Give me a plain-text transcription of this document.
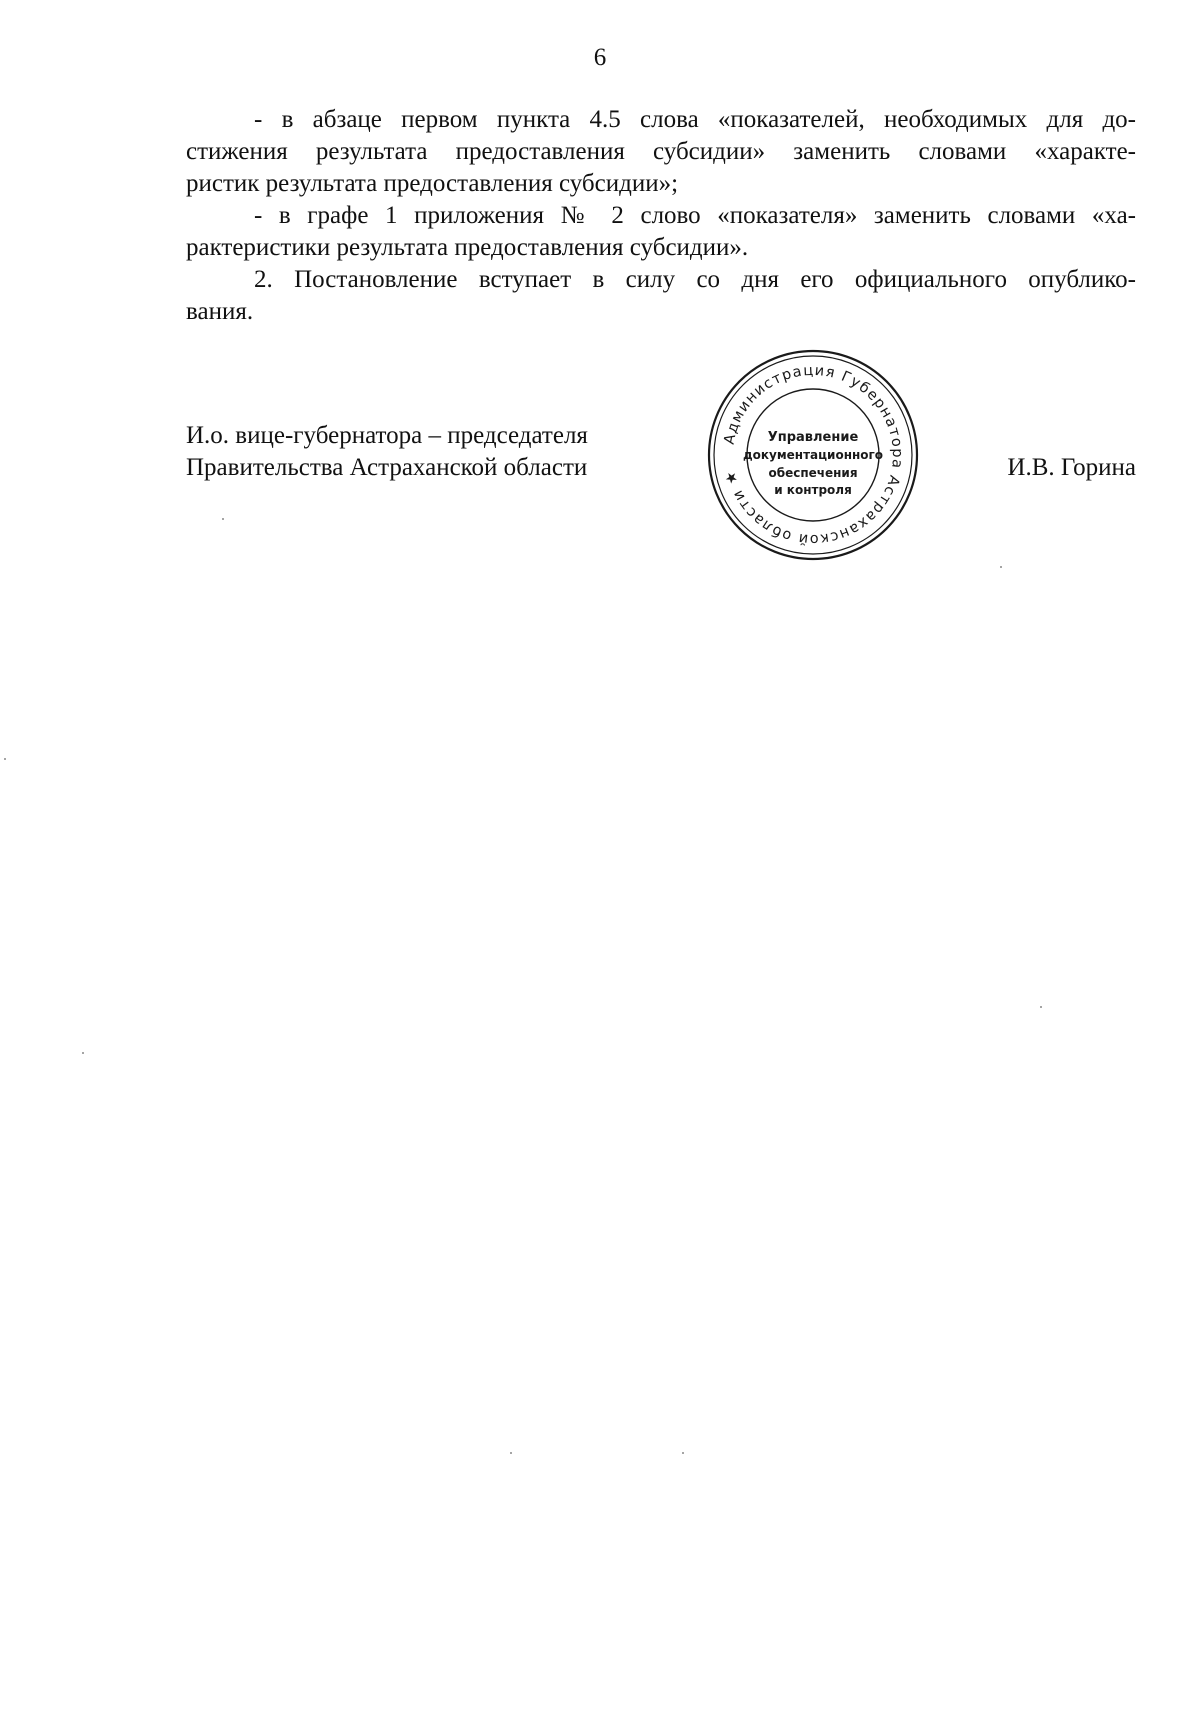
6
- в абзаце первом пункта 4.5 слова «показателей, необходимых для до-
стижения результата предоставления субсидии» заменить словами «характе-
ристик результата предоставления субсидии»;
- в графе 1 приложения № 2 слово «показателя» заменить словами «ха-
рактеристики результата предоставления субсидии».
2. Постановление вступает в силу со дня его официального опублико-
вания.
И.о. вице-губернатора – председателя
Правительства Астраханской области
Администрация Губернатора Астраханской области ★
Управление
документационного
обеспечения
и контроля
И.В. Горина
